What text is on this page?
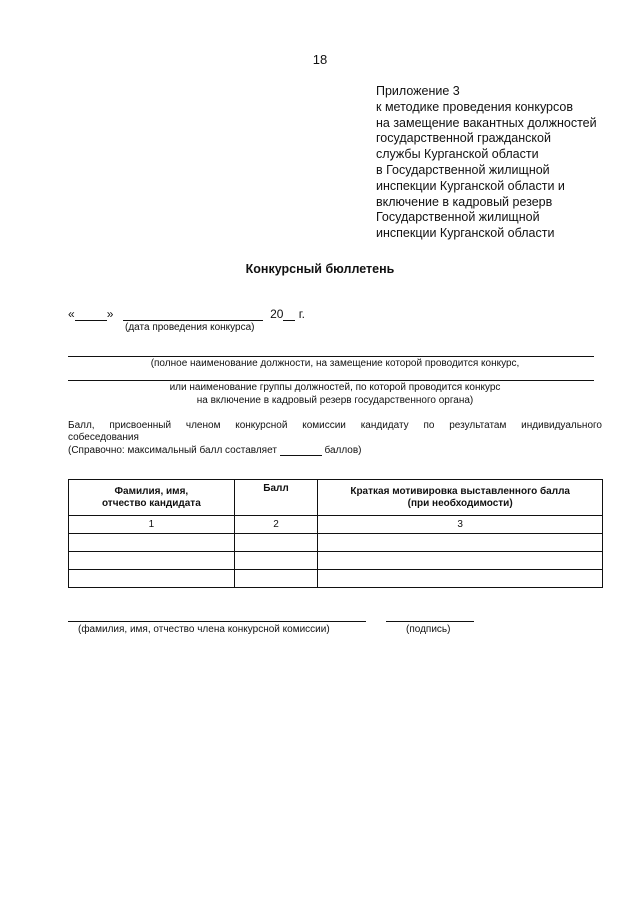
18
Приложение 3
к методике проведения конкурсов
на замещение вакантных должностей
государственной гражданской
службы Курганской области
в Государственной жилищной
инспекции Курганской области и
включение в кадровый резерв
Государственной жилищной
инспекции Курганской области
Конкурсный бюллетень
«	»	20 г.
(дата проведения конкурса)
(полное наименование должности, на замещение которой проводится конкурс,
или наименование группы должностей, по которой проводится конкурс
на включение в кадровый резерв государственного органа)
Балл, присвоенный членом конкурсной комиссии кандидату по результатам индивидуального
собеседования
(Справочно: максимальный балл составляет	баллов)
Фамилия, имя, отчество кандидата	Балл	Краткая мотивировка выставленного балла (при необходимости)

1	2	3

(фамилия, имя, отчество члена конкурсной комиссии)	(подпись)
